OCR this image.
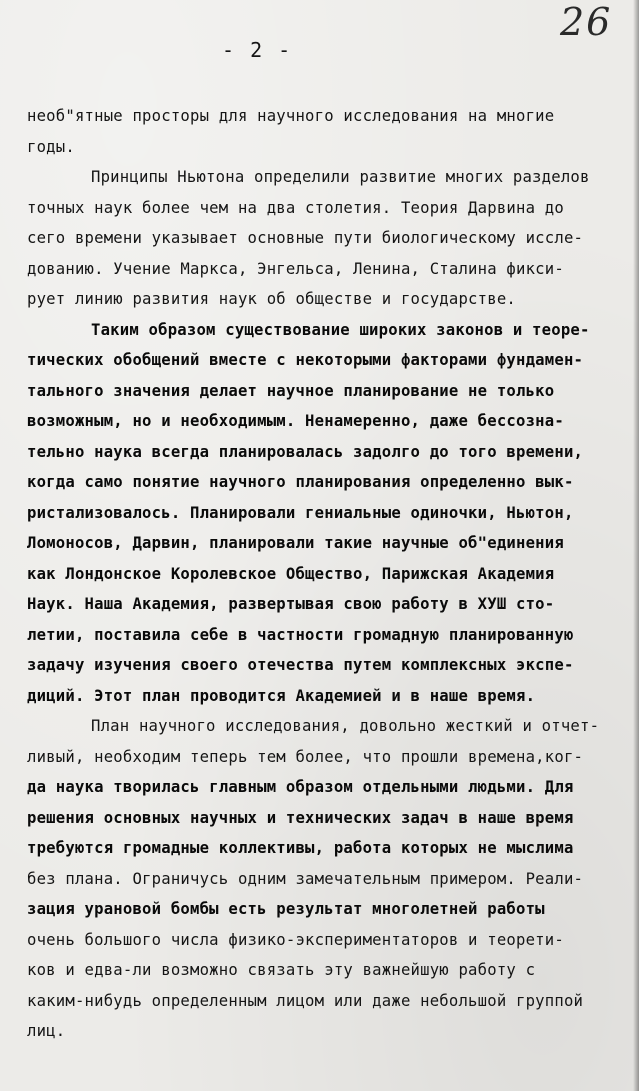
26
- 2 -
необ"ятные просторы для научного исследования на многие
годы.
Принципы Ньютона определили развитие многих разделов
точных наук более чем на два столетия. Теория Дарвина до
сего времени указывает основные пути биологическому иссле-
дованию. Учение Маркса, Энгельса, Ленина, Сталина фикси-
рует линию развития наук об обществе и государстве.
Таким образом существование широких законов и теоре-
тических обобщений вместе с некоторыми факторами фундамен-
тального значения делает научное планирование не только
возможным, но и необходимым. Ненамеренно, даже бессозна-
тельно наука всегда планировалась задолго до того времени,
когда само понятие научного планирования определенно вык-
ристализовалось. Планировали гениальные одиночки, Ньютон,
Ломоносов, Дарвин, планировали такие научные об"единения
как Лондонское Королевское Общество, Парижская Академия
Наук. Наша Академия, развертывая свою работу в ХУШ сто-
летии, поставила себе в частности громадную планированную
задачу изучения своего отечества путем комплексных экспе-
диций. Этот план проводится Академией и в наше время.
План научного исследования, довольно жесткий и отчет-
ливый, необходим теперь тем более, что прошли времена,ког-
да наука творилась главным образом отдельными людьми. Для
решения основных научных и технических задач в наше время
требуются громадные коллективы, работа которых не мыслима
без плана. Ограничусь одним замечательным примером. Реали-
зация урановой бомбы есть результат многолетней работы
очень большого числа физико-экспериментаторов и теорети-
ков и едва-ли возможно связать эту важнейшую работу с
каким-нибудь определенным лицом или даже небольшой группой
лиц.
